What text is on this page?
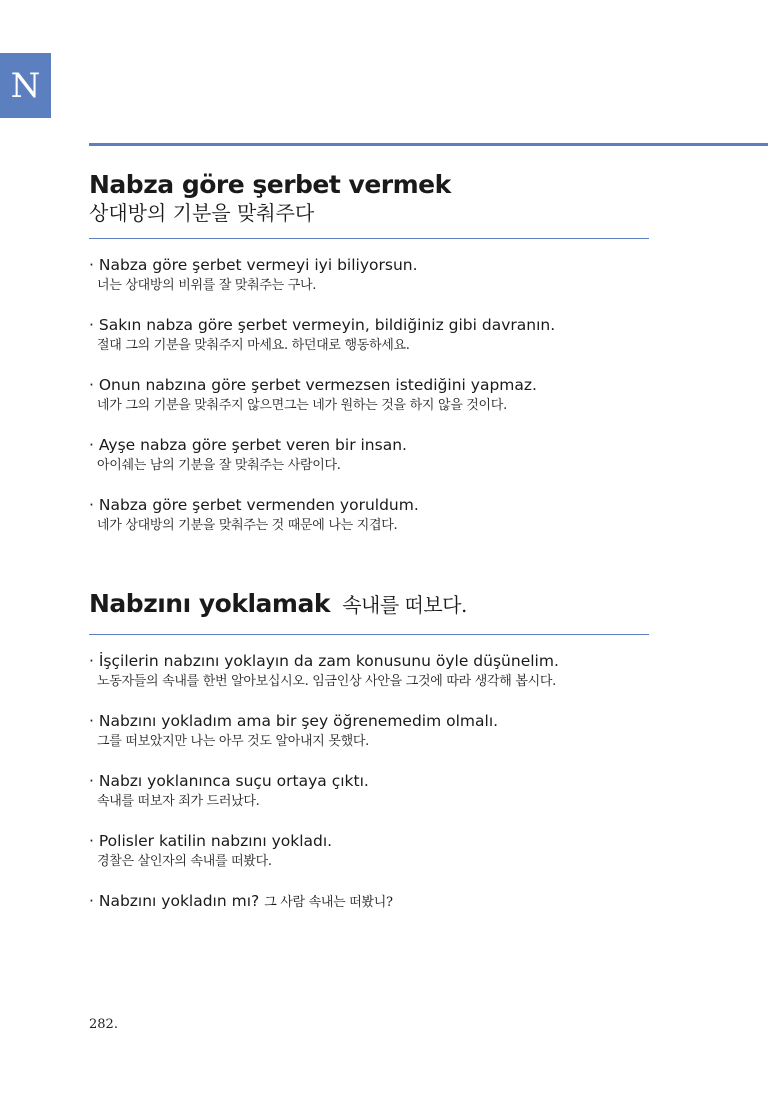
N
Nabza göre şerbet vermek
상대방의 기분을 맞춰주다
· Nabza göre şerbet vermeyi iyi biliyorsun.
너는 상대방의 비위를 잘 맞춰주는 구나.
· Sakın nabza göre şerbet vermeyin, bildiğiniz gibi davranın.
절대 그의 기분을 맞춰주지 마세요. 하던대로 행동하세요.
· Onun nabzına göre şerbet vermezsen istediğini yapmaz.
네가 그의 기분을 맞춰주지 않으면그는 네가 원하는 것을 하지 않을 것이다.
· Ayşe nabza göre şerbet veren bir insan.
아이쉐는 남의 기분을 잘 맞춰주는 사람이다.
· Nabza göre şerbet vermenden yoruldum.
네가 상대방의 기분을 맞춰주는 것 때문에 나는 지겹다.
Nabzını yoklamak 속내를 떠보다.
· İşçilerin nabzını yoklayın da zam konusunu öyle düşünelim.
노동자들의 속내를 한번 알아보십시오. 임금인상 사안을 그것에 따라 생각해 봅시다.
· Nabzını yokladım ama bir şey öğrenemedim olmalı.
그를 떠보았지만 나는 아무 것도 알아내지 못했다.
· Nabzı yoklanınca suçu ortaya çıktı.
속내를 떠보자 죄가 드러났다.
· Polisler katilin nabzını yokladı.
경찰은 살인자의 속내를 떠봤다.
· Nabzını yokladın mı? 그 사람 속내는 떠봤니?
282.
